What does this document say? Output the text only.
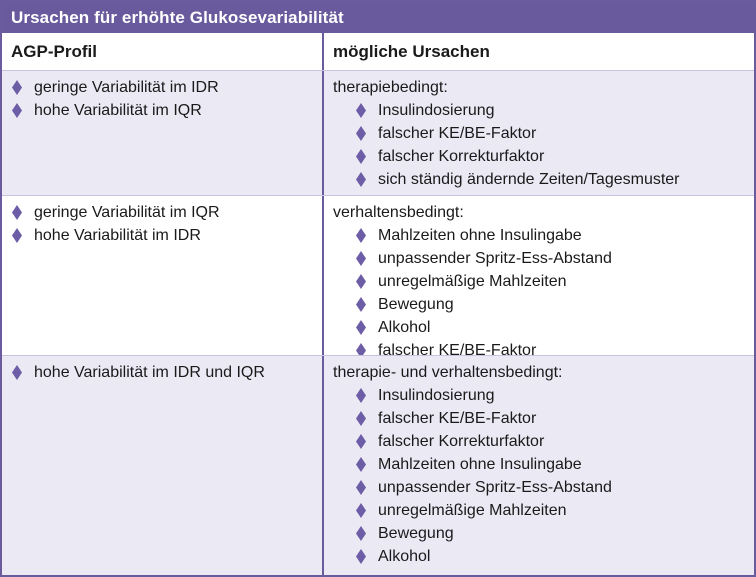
Ursachen für erhöhte Glukosevariabilität
AGP-Profil	mögliche Ursachen
geringe Variabilität im IDR
hohe Variabilität im IQR
therapiebedingt:
Insulindosierung
falscher KE/BE-Faktor
falscher Korrekturfaktor
sich ständig ändernde Zeiten/Tagesmuster
geringe Variabilität im IQR
hohe Variabilität im IDR
verhaltensbedingt:
Mahlzeiten ohne Insulingabe
unpassender Spritz-Ess-Abstand
unregelmäßige Mahlzeiten
Bewegung
Alkohol
falscher KE/BE-Faktor
hohe Variabilität im IDR und IQR	therapie- und verhaltensbedingt:
Insulindosierung
falscher KE/BE-Faktor
falscher Korrekturfaktor
Mahlzeiten ohne Insulingabe
unpassender Spritz-Ess-Abstand
unregelmäßige Mahlzeiten
Bewegung
Alkohol
